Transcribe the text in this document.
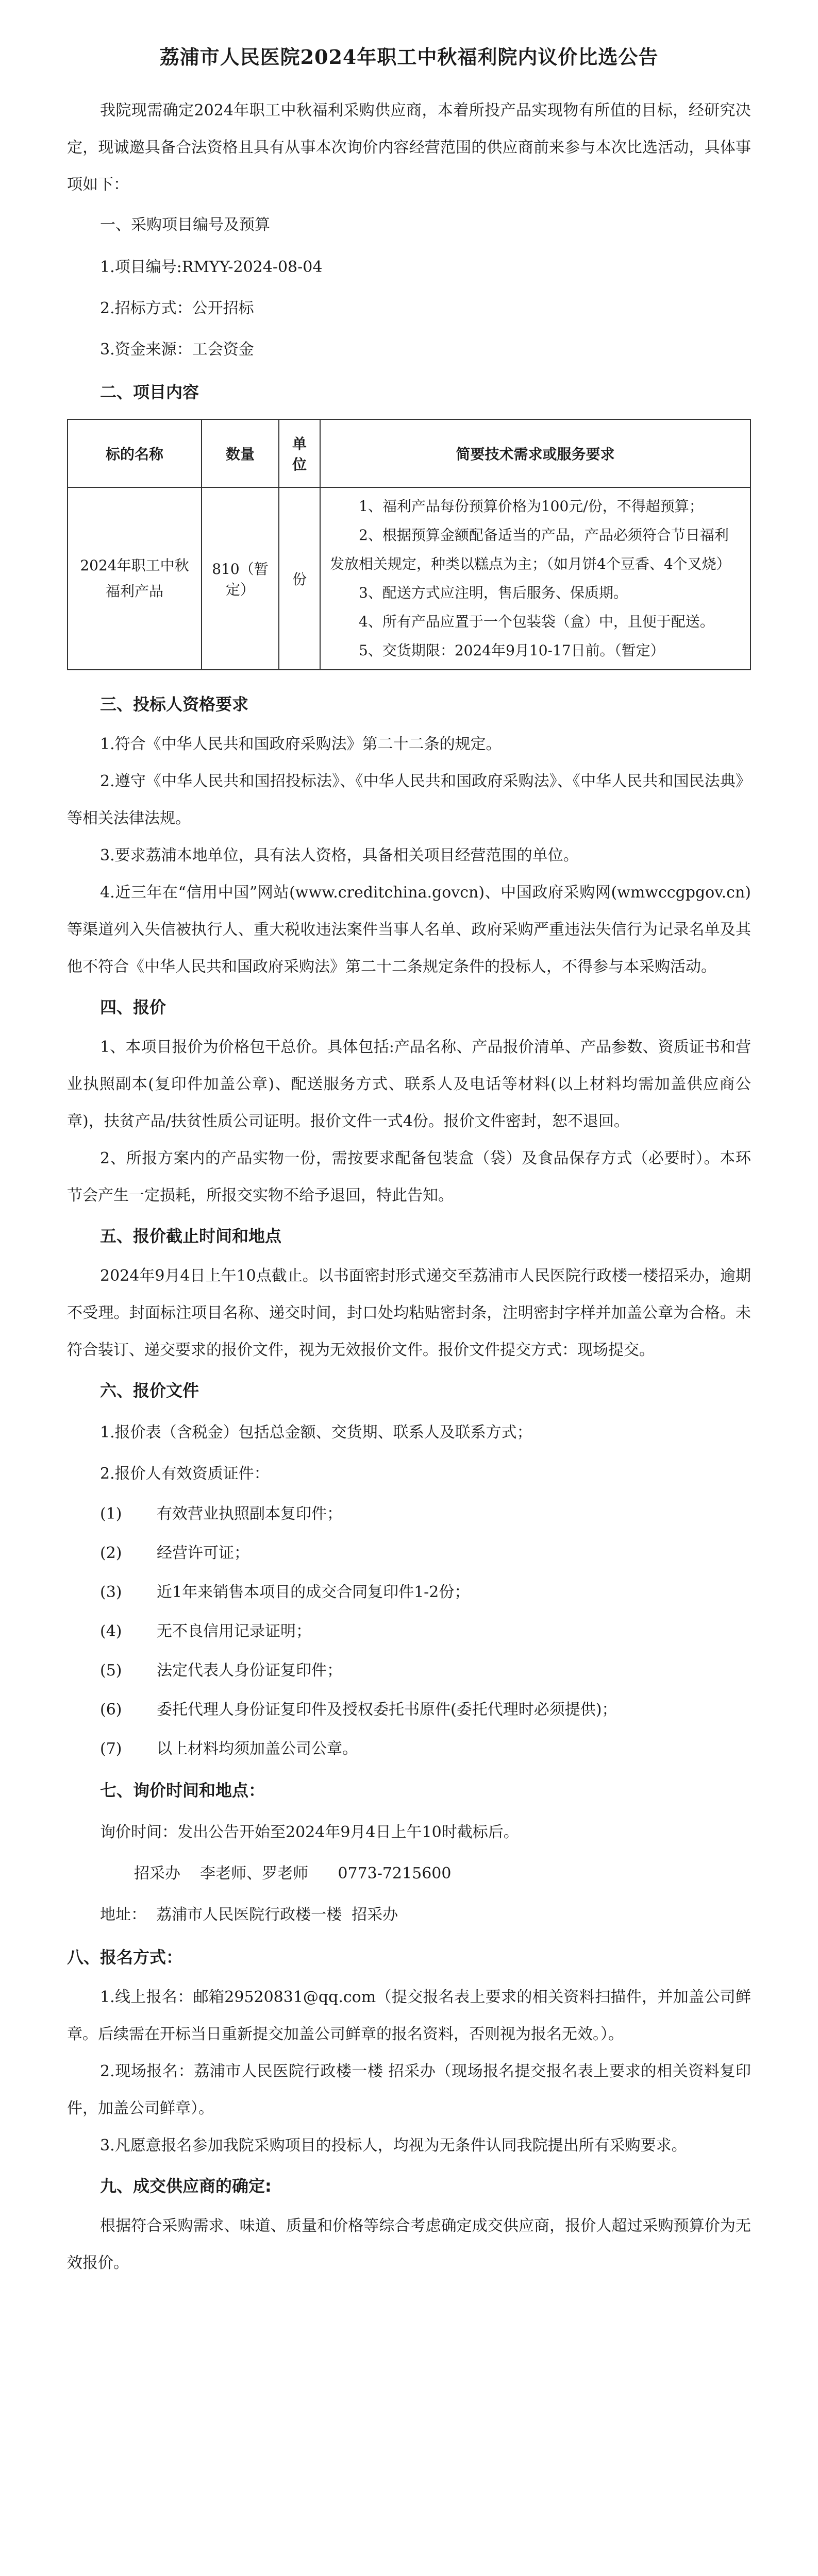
荔浦市人民医院2024年职工中秋福利院内议价比选公告

我院现需确定2024年职工中秋福利采购供应商，本着所投产品实现物有所值的目标，经研究决定，现诚邀具备合法资格且具有从事本次询价内容经营范围的供应商前来参与本次比选活动，具体事项如下：

一、采购项目编号及预算

1.项目编号:RMYY-2024-08-04

2.招标方式：公开招标

3.资金来源：工会资金

二、项目内容

标的名称	数量	单位	简要技术需求或服务要求
2024年职工中秋福利产品	810（暂定）	份	1、福利产品每份预算价格为100元/份，不得超预算；
2、根据预算金额配备适当的产品，产品必须符合节日福利发放相关规定，种类以糕点为主；（如月饼4个豆香、4个叉烧）
3、配送方式应注明，售后服务、保质期。
4、所有产品应置于一个包装袋（盒）中，且便于配送。
5、交货期限：2024年9月10-17日前。（暂定）

三、投标人资格要求

1.符合《中华人民共和国政府采购法》第二十二条的规定。

2.遵守《中华人民共和国招投标法》、《中华人民共和国政府采购法》、《中华人民共和国民法典》等相关法律法规。

3.要求荔浦本地单位，具有法人资格，具备相关项目经营范围的单位。

4.近三年在“信用中国”网站(www.creditchina.govcn)、中国政府采购网(wmwccgpgov.cn)等渠道列入失信被执行人、重大税收违法案件当事人名单、政府采购严重违法失信行为记录名单及其他不符合《中华人民共和国政府采购法》第二十二条规定条件的投标人，不得参与本采购活动。

四、报价

1、本项目报价为价格包干总价。具体包括:产品名称、产品报价清单、产品参数、资质证书和营业执照副本(复印件加盖公章)、配送服务方式、联系人及电话等材料(以上材料均需加盖供应商公章)，扶贫产品/扶贫性质公司证明。报价文件一式4份。报价文件密封，恕不退回。

2、所报方案内的产品实物一份，需按要求配备包装盒（袋）及食品保存方式（必要时）。本环节会产生一定损耗，所报交实物不给予退回，特此告知。

五、报价截止时间和地点

2024年9月4日上午10点截止。以书面密封形式递交至荔浦市人民医院行政楼一楼招采办，逾期不受理。封面标注项目名称、递交时间，封口处均粘贴密封条，注明密封字样并加盖公章为合格。未符合装订、递交要求的报价文件，视为无效报价文件。报价文件提交方式：现场提交。

六、报价文件

1.报价表（含税金）包括总金额、交货期、联系人及联系方式；

2.报价人有效资质证件：

(1) 有效营业执照副本复印件；

(2) 经营许可证；

(3) 近1年来销售本项目的成交合同复印件1-2份；

(4) 无不良信用记录证明；

(5) 法定代表人身份证复印件；

(6) 委托代理人身份证复印件及授权委托书原件(委托代理时必须提供)；

(7) 以上材料均须加盖公司公章。

七、询价时间和地点：

询价时间：发出公告开始至2024年9月4日上午10时截标后。

招采办    李老师、罗老师      0773-7215600

地址：  荔浦市人民医院行政楼一楼  招采办

八、报名方式：

1.线上报名：邮箱29520831@qq.com（提交报名表上要求的相关资料扫描件，并加盖公司鲜章。后续需在开标当日重新提交加盖公司鲜章的报名资料，否则视为报名无效。）。

2.现场报名：荔浦市人民医院行政楼一楼 招采办（现场报名提交报名表上要求的相关资料复印件，加盖公司鲜章）。

3.凡愿意报名参加我院采购项目的投标人，均视为无条件认同我院提出所有采购要求。

九、成交供应商的确定:

根据符合采购需求、味道、质量和价格等综合考虑确定成交供应商，报价人超过采购预算价为无效报价。
